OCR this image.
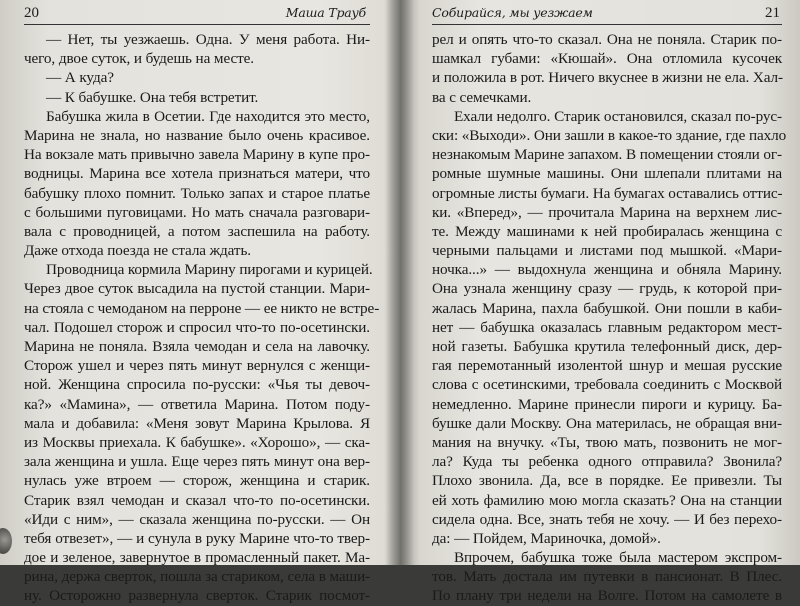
20	Маша Трауб
— Нет, ты уезжаешь. Одна. У меня работа. Ни-
чего, двое суток, и будешь на месте.
— А куда?
— К бабушке. Она тебя встретит.
Бабушка жила в Осетии. Где находится это место,
Марина не знала, но название было очень красивое.
На вокзале мать привычно завела Марину в купе про-
водницы. Марина все хотела признаться матери, что
бабушку плохо помнит. Только запах и старое платье
с большими пуговицами. Но мать сначала разговари-
вала с проводницей, а потом заспешила на работу.
Даже отхода поезда не стала ждать.
Проводница кормила Марину пирогами и курицей.
Через двое суток высадила на пустой станции. Мари-
на стояла с чемоданом на перроне — ее никто не встре-
чал. Подошел сторож и спросил что-то по-осетински.
Марина не поняла. Взяла чемодан и села на лавочку.
Сторож ушел и через пять минут вернулся с женщи-
ной. Женщина спросила по-русски: «Чья ты девоч-
ка?» «Мамина», — ответила Марина. Потом поду-
мала и добавила: «Меня зовут Марина Крылова. Я
из Москвы приехала. К бабушке». «Хорошо», — ска-
зала женщина и ушла. Еще через пять минут она вер-
нулась уже втроем — сторож, женщина и старик.
Старик взял чемодан и сказал что-то по-осетински.
«Иди с ним», — сказала женщина по-русски. — Он
тебя отвезет», — и сунула в руку Марине что-то твер-
дое и зеленое, завернутое в промасленный пакет. Ма-
рина, держа сверток, пошла за стариком, села в маши-
ну. Осторожно развернула сверток. Старик посмот-
Собирайся, мы уезжаем	21
рел и опять что-то сказал. Она не поняла. Старик по-
шамкал губами: «Кюшай». Она отломила кусочек
и положила в рот. Ничего вкуснее в жизни не ела. Хал-
ва с семечками.
Ехали недолго. Старик остановился, сказал по-рус-
ски: «Выходи». Они зашли в какое-то здание, где пахло
незнакомым Марине запахом. В помещении стояли ог-
ромные шумные машины. Они шлепали плитами на
огромные листы бумаги. На бумагах оставались оттис-
ки. «Вперед», — прочитала Марина на верхнем лис-
те. Между машинами к ней пробиралась женщина с
черными пальцами и листами под мышкой. «Мари-
ночка...» — выдохнула женщина и обняла Марину.
Она узнала женщину сразу — грудь, к которой при-
жалась Марина, пахла бабушкой. Они пошли в каби-
нет — бабушка оказалась главным редактором мест-
ной газеты. Бабушка крутила телефонный диск, дер-
гая перемотанный изолентой шнур и мешая русские
слова с осетинскими, требовала соединить с Москвой
немедленно. Марине принесли пироги и курицу. Ба-
бушке дали Москву. Она материлась, не обращая вни-
мания на внучку. «Ты, твою мать, позвонить не мог-
ла? Куда ты ребенка одного отправила? Звонила?
Плохо звонила. Да, все в порядке. Ее привезли. Ты
ей хоть фамилию мою могла сказать? Она на станции
сидела одна. Все, знать тебя не хочу. — И без перехо-
да: — Пойдем, Мариночка, домой».
Впрочем, бабушка тоже была мастером экспром-
тов. Мать достала им путевки в пансионат. В Плес.
По плану три недели на Волге. Потом на самолете в
